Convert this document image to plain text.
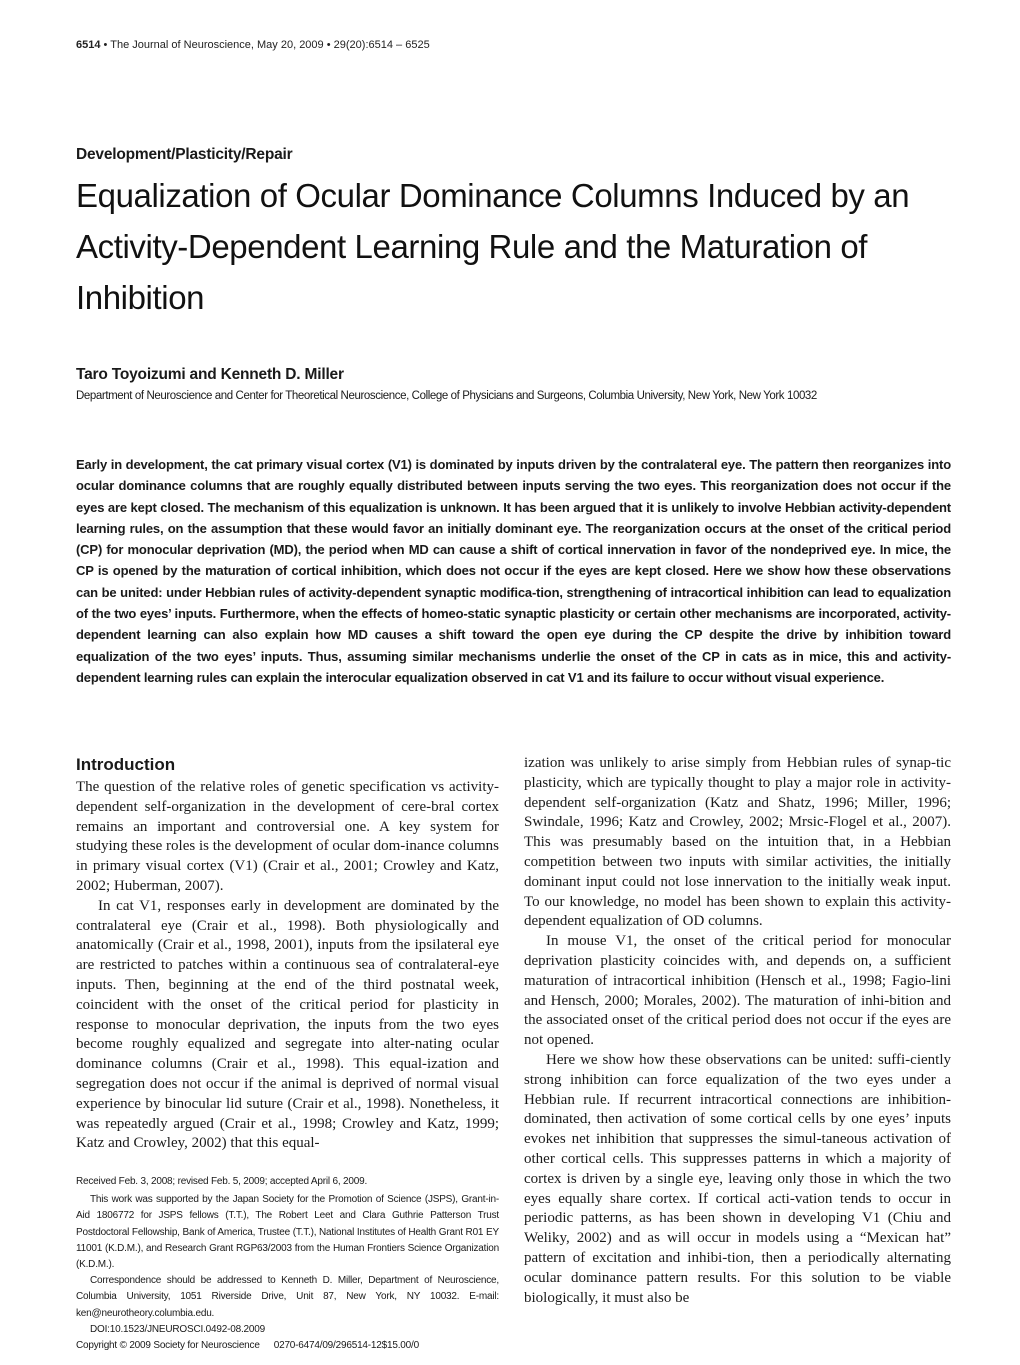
6514 • The Journal of Neuroscience, May 20, 2009 • 29(20):6514 – 6525
Development/Plasticity/Repair
Equalization of Ocular Dominance Columns Induced by an Activity-Dependent Learning Rule and the Maturation of Inhibition
Taro Toyoizumi and Kenneth D. Miller
Department of Neuroscience and Center for Theoretical Neuroscience, College of Physicians and Surgeons, Columbia University, New York, New York 10032

Early in development, the cat primary visual cortex (V1) is dominated by inputs driven by the contralateral eye. The pattern then reorganizes into ocular dominance columns that are roughly equally distributed between inputs serving the two eyes. This reorganization does not occur if the eyes are kept closed. The mechanism of this equalization is unknown. It has been argued that it is unlikely to involve Hebbian activity-dependent learning rules, on the assumption that these would favor an initially dominant eye. The reorganization occurs at the onset of the critical period (CP) for monocular deprivation (MD), the period when MD can cause a shift of cortical innervation in favor of the nondeprived eye. In mice, the CP is opened by the maturation of cortical inhibition, which does not occur if the eyes are kept closed. Here we show how these observations can be united: under Hebbian rules of activity-dependent synaptic modifica-tion, strengthening of intracortical inhibition can lead to equalization of the two eyes’ inputs. Furthermore, when the effects of homeo-static synaptic plasticity or certain other mechanisms are incorporated, activity-dependent learning can also explain how MD causes a shift toward the open eye during the CP despite the drive by inhibition toward equalization of the two eyes’ inputs. Thus, assuming similar mechanisms underlie the onset of the CP in cats as in mice, this and activity-dependent learning rules can explain the interocular equalization observed in cat V1 and its failure to occur without visual experience.

Introduction

The question of the relative roles of genetic specification vs activity-dependent self-organization in the development of cere-bral cortex remains an important and controversial one. A key system for studying these roles is the development of ocular dom-inance columns in primary visual cortex (V1) (Crair et al., 2001; Crowley and Katz, 2002; Huberman, 2007).

In cat V1, responses early in development are dominated by the contralateral eye (Crair et al., 1998). Both physiologically and anatomically (Crair et al., 1998, 2001), inputs from the ipsilateral eye are restricted to patches within a continuous sea of contralateral-eye inputs. Then, beginning at the end of the third postnatal week, coincident with the onset of the critical period for plasticity in response to monocular deprivation, the inputs from the two eyes become roughly equalized and segregate into alter-nating ocular dominance columns (Crair et al., 1998). This equal-ization and segregation does not occur if the animal is deprived of normal visual experience by binocular lid suture (Crair et al., 1998). Nonetheless, it was repeatedly argued (Crair et al., 1998; Crowley and Katz, 1999; Katz and Crowley, 2002) that this equal-

ization was unlikely to arise simply from Hebbian rules of synap-tic plasticity, which are typically thought to play a major role in activity-dependent self-organization (Katz and Shatz, 1996; Miller, 1996; Swindale, 1996; Katz and Crowley, 2002; Mrsic-Flogel et al., 2007). This was presumably based on the intuition that, in a Hebbian competition between two inputs with similar activities, the initially dominant input could not lose innervation to the initially weak input. To our knowledge, no model has been shown to explain this activity-dependent equalization of OD columns.

In mouse V1, the onset of the critical period for monocular deprivation plasticity coincides with, and depends on, a sufficient maturation of intracortical inhibition (Hensch et al., 1998; Fagio-lini and Hensch, 2000; Morales, 2002). The maturation of inhi-bition and the associated onset of the critical period does not occur if the eyes are not opened.

Here we show how these observations can be united: suffi-ciently strong inhibition can force equalization of the two eyes under a Hebbian rule. If recurrent intracortical connections are inhibition-dominated, then activation of some cortical cells by one eyes’ inputs evokes net inhibition that suppresses the simul-taneous activation of other cortical cells. This suppresses patterns in which a majority of cortex is driven by a single eye, leaving only those in which the two eyes equally share cortex. If cortical acti-vation tends to occur in periodic patterns, as has been shown in developing V1 (Chiu and Weliky, 2002) and as will occur in models using a “Mexican hat” pattern of excitation and inhibi-tion, then a periodically alternating ocular dominance pattern results. For this solution to be viable biologically, it must also be

Received Feb. 3, 2008; revised Feb. 5, 2009; accepted April 6, 2009.

This work was supported by the Japan Society for the Promotion of Science (JSPS), Grant-in-Aid 1806772 for JSPS fellows (T.T.), The Robert Leet and Clara Guthrie Patterson Trust Postdoctoral Fellowship, Bank of America, Trustee (T.T.), National Institutes of Health Grant R01 EY 11001 (K.D.M.), and Research Grant RGP63/2003 from the Human Frontiers Science Organization (K.D.M.).

Correspondence should be addressed to Kenneth D. Miller, Department of Neuroscience, Columbia University, 1051 Riverside Drive, Unit 87, New York, NY 10032. E-mail: ken@neurotheory.columbia.edu.

DOI:10.1523/JNEUROSCI.0492-08.2009

Copyright © 2009 Society for Neuroscience 0270-6474/09/296514-12$15.00/0
